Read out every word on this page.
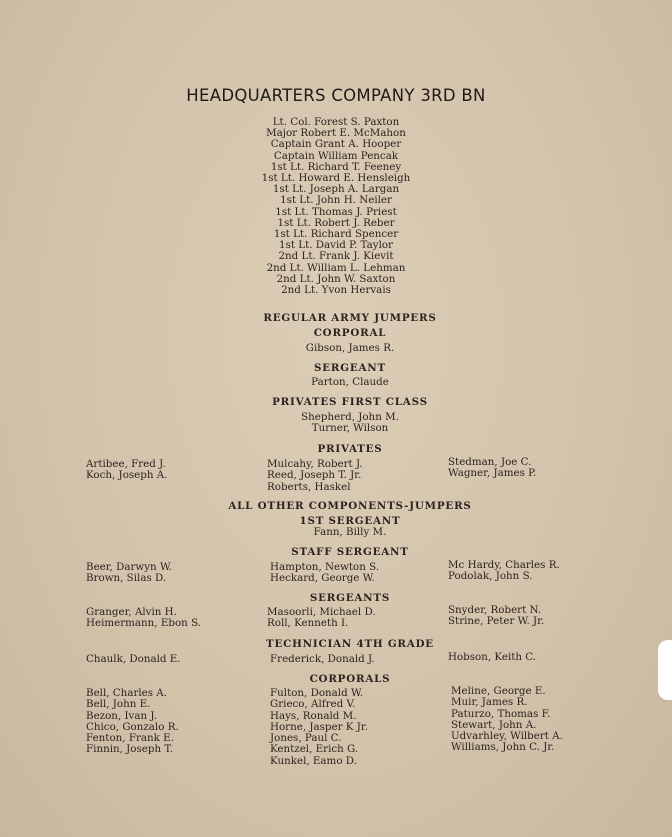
HEADQUARTERS COMPANY 3RD BN
Lt. Col. Forest S. Paxton
Major Robert E. McMahon
Captain Grant A. Hooper
Captain William Pencak
1st Lt. Richard T. Feeney
1st Lt. Howard E. Hensleigh
1st Lt. Joseph A. Largan
1st Lt. John H. Neiler
1st Lt. Thomas J. Priest
1st Lt. Robert J. Reber
1st Lt. Richard Spencer
1st Lt. David P. Taylor
2nd Lt. Frank J. Kievit
2nd Lt. William L. Lehman
2nd Lt. John W. Saxton
2nd Lt. Yvon Hervais
REGULAR ARMY JUMPERS
CORPORAL
Gibson, James R.
SERGEANT
Parton, Claude
PRIVATES FIRST CLASS
Shepherd, John M.
Turner, Wilson
PRIVATES
Artibee, Fred J.
Koch, Joseph A.
Mulcahy, Robert J.
Reed, Joseph T. Jr.
Roberts, Haskel
Stedman, Joe C.
Wagner, James P.
ALL OTHER COMPONENTS-JUMPERS
1ST SERGEANT
Fann, Billy M.
STAFF SERGEANT
Beer, Darwyn W.
Brown, Silas D.
Hampton, Newton S.
Heckard, George W.
Mc Hardy, Charles R.
Podolak, John S.
SERGEANTS
Granger, Alvin H.
Heimermann, Ebon S.
Masoorli, Michael D.
Roll, Kenneth I.
Snyder, Robert N.
Strine, Peter W. Jr.
TECHNICIAN 4TH GRADE
Chaulk, Donald E.	Frederick, Donald J.	Hobson, Keith C.
CORPORALS
Bell, Charles A.
Bell, John E.
Bezon, Ivan J.
Chico, Gonzalo R.
Fenton, Frank E.
Finnin, Joseph T.
Fulton, Donald W.
Grieco, Alfred V.
Hays, Ronald M.
Horne, Jasper K Jr.
Jones, Paul C.
Kentzel, Erich G.
Kunkel, Eamo D.
Meline, George E.
Muir, James R.
Paturzo, Thomas F.
Stewart, John A.
Udvarhley, Wilbert A.
Williams, John C. Jr.
